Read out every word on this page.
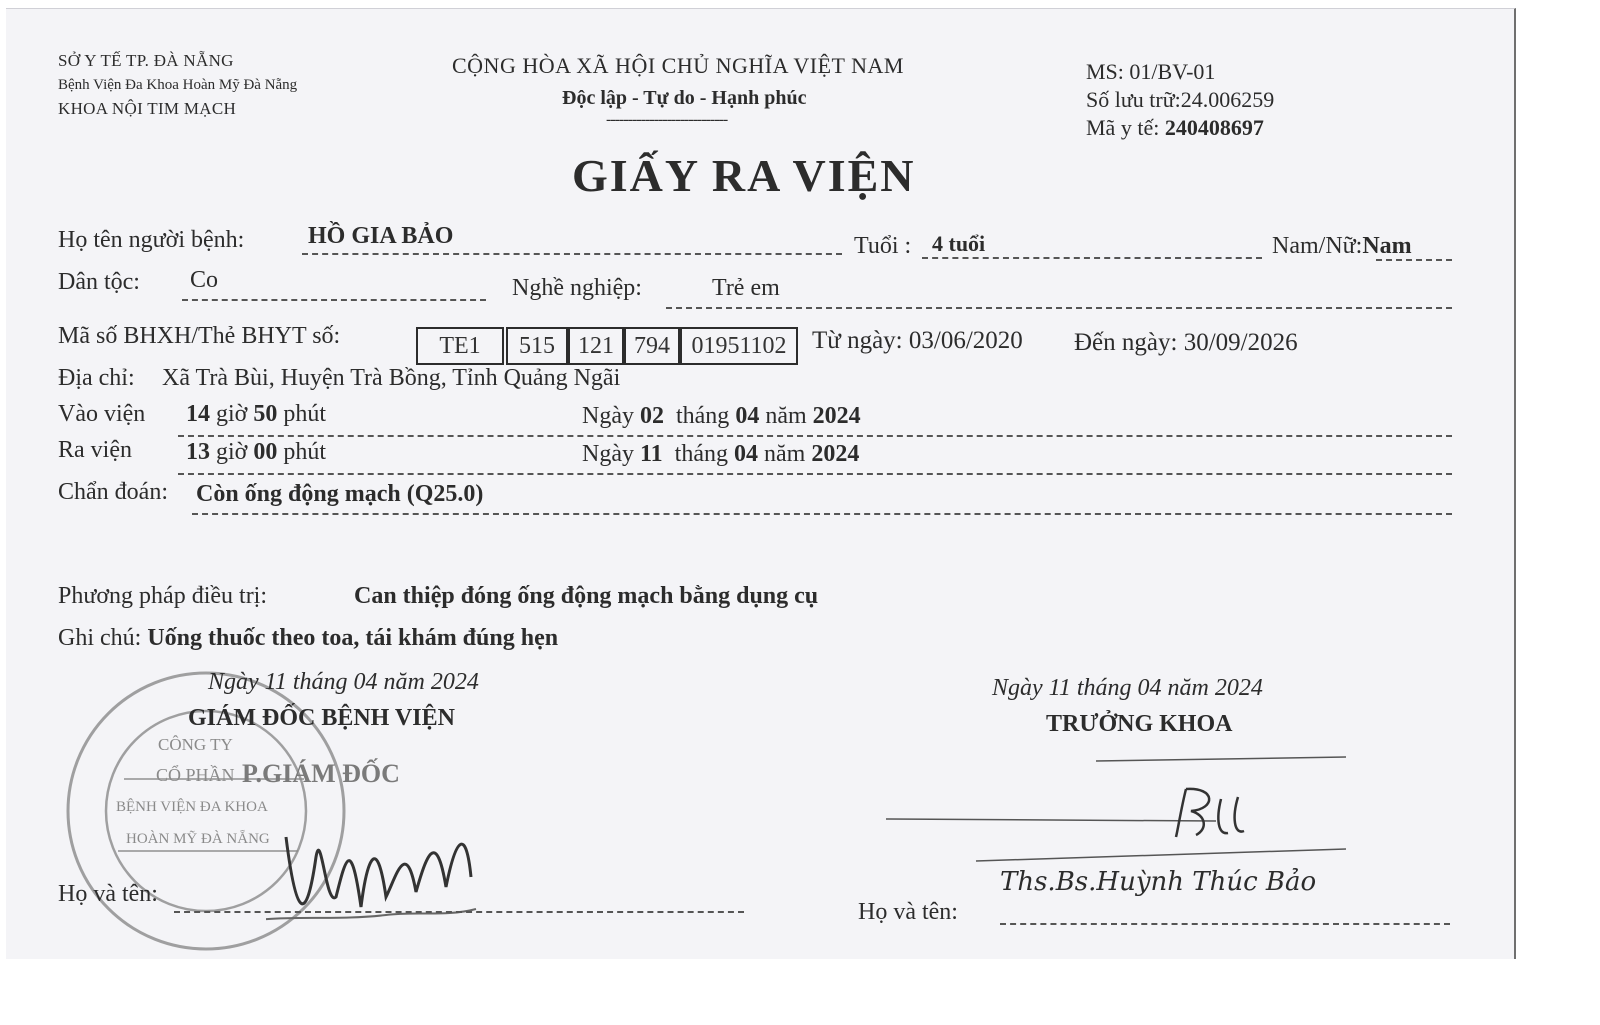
SỞ Y TẾ TP. ĐÀ NẴNG
Bệnh Viện Đa Khoa Hoàn Mỹ Đà Nẵng
KHOA NỘI TIM MẠCH
CỘNG HÒA XÃ HỘI CHỦ NGHĨA VIỆT NAM
Độc lập - Tự do - Hạnh phúc
----------------------------
MS: 01/BV-01
Số lưu trữ:24.006259
Mã y tế: 240408697
GIẤY RA VIỆN
Họ tên người bệnh:	HỒ GIA BẢO	Tuổi : 4 tuổi	Nam/Nữ:Nam
Dân tộc: Co	Nghề nghiệp:	Trẻ em
Mã số BHXH/Thẻ BHYT số:	TE1	515 121 794 01951102	Từ ngày: 03/06/2020 Đến ngày: 30/09/2026
Địa chỉ: Xã Trà Bùi, Huyện Trà Bồng, Tỉnh Quảng Ngãi
Vào viện 14 giờ 50 phút	Ngày 02 tháng 04 năm 2024
Ra viện 13 giờ 00 phút	Ngày 11 tháng 04 năm 2024
Chẩn đoán: Còn ống động mạch (Q25.0)
Phương pháp điều trị:	Can thiệp đóng ống động mạch bằng dụng cụ
Ghi chú: Uống thuốc theo toa, tái khám đúng hẹn
CÔNG TY
CỔ PHẦN
BỆNH VIỆN ĐA KHOA
HOÀN MỸ ĐÀ NẴNG
P.GIÁM ĐỐC
Ngày 11 tháng 04 năm 2024
GIÁM ĐỐC BỆNH VIỆN
Họ và tên:
Ngày 11 tháng 04 năm 2024
TRƯỞNG KHOA
Ths.Bs.Huỳnh Thúc Bảo
Họ và tên:
